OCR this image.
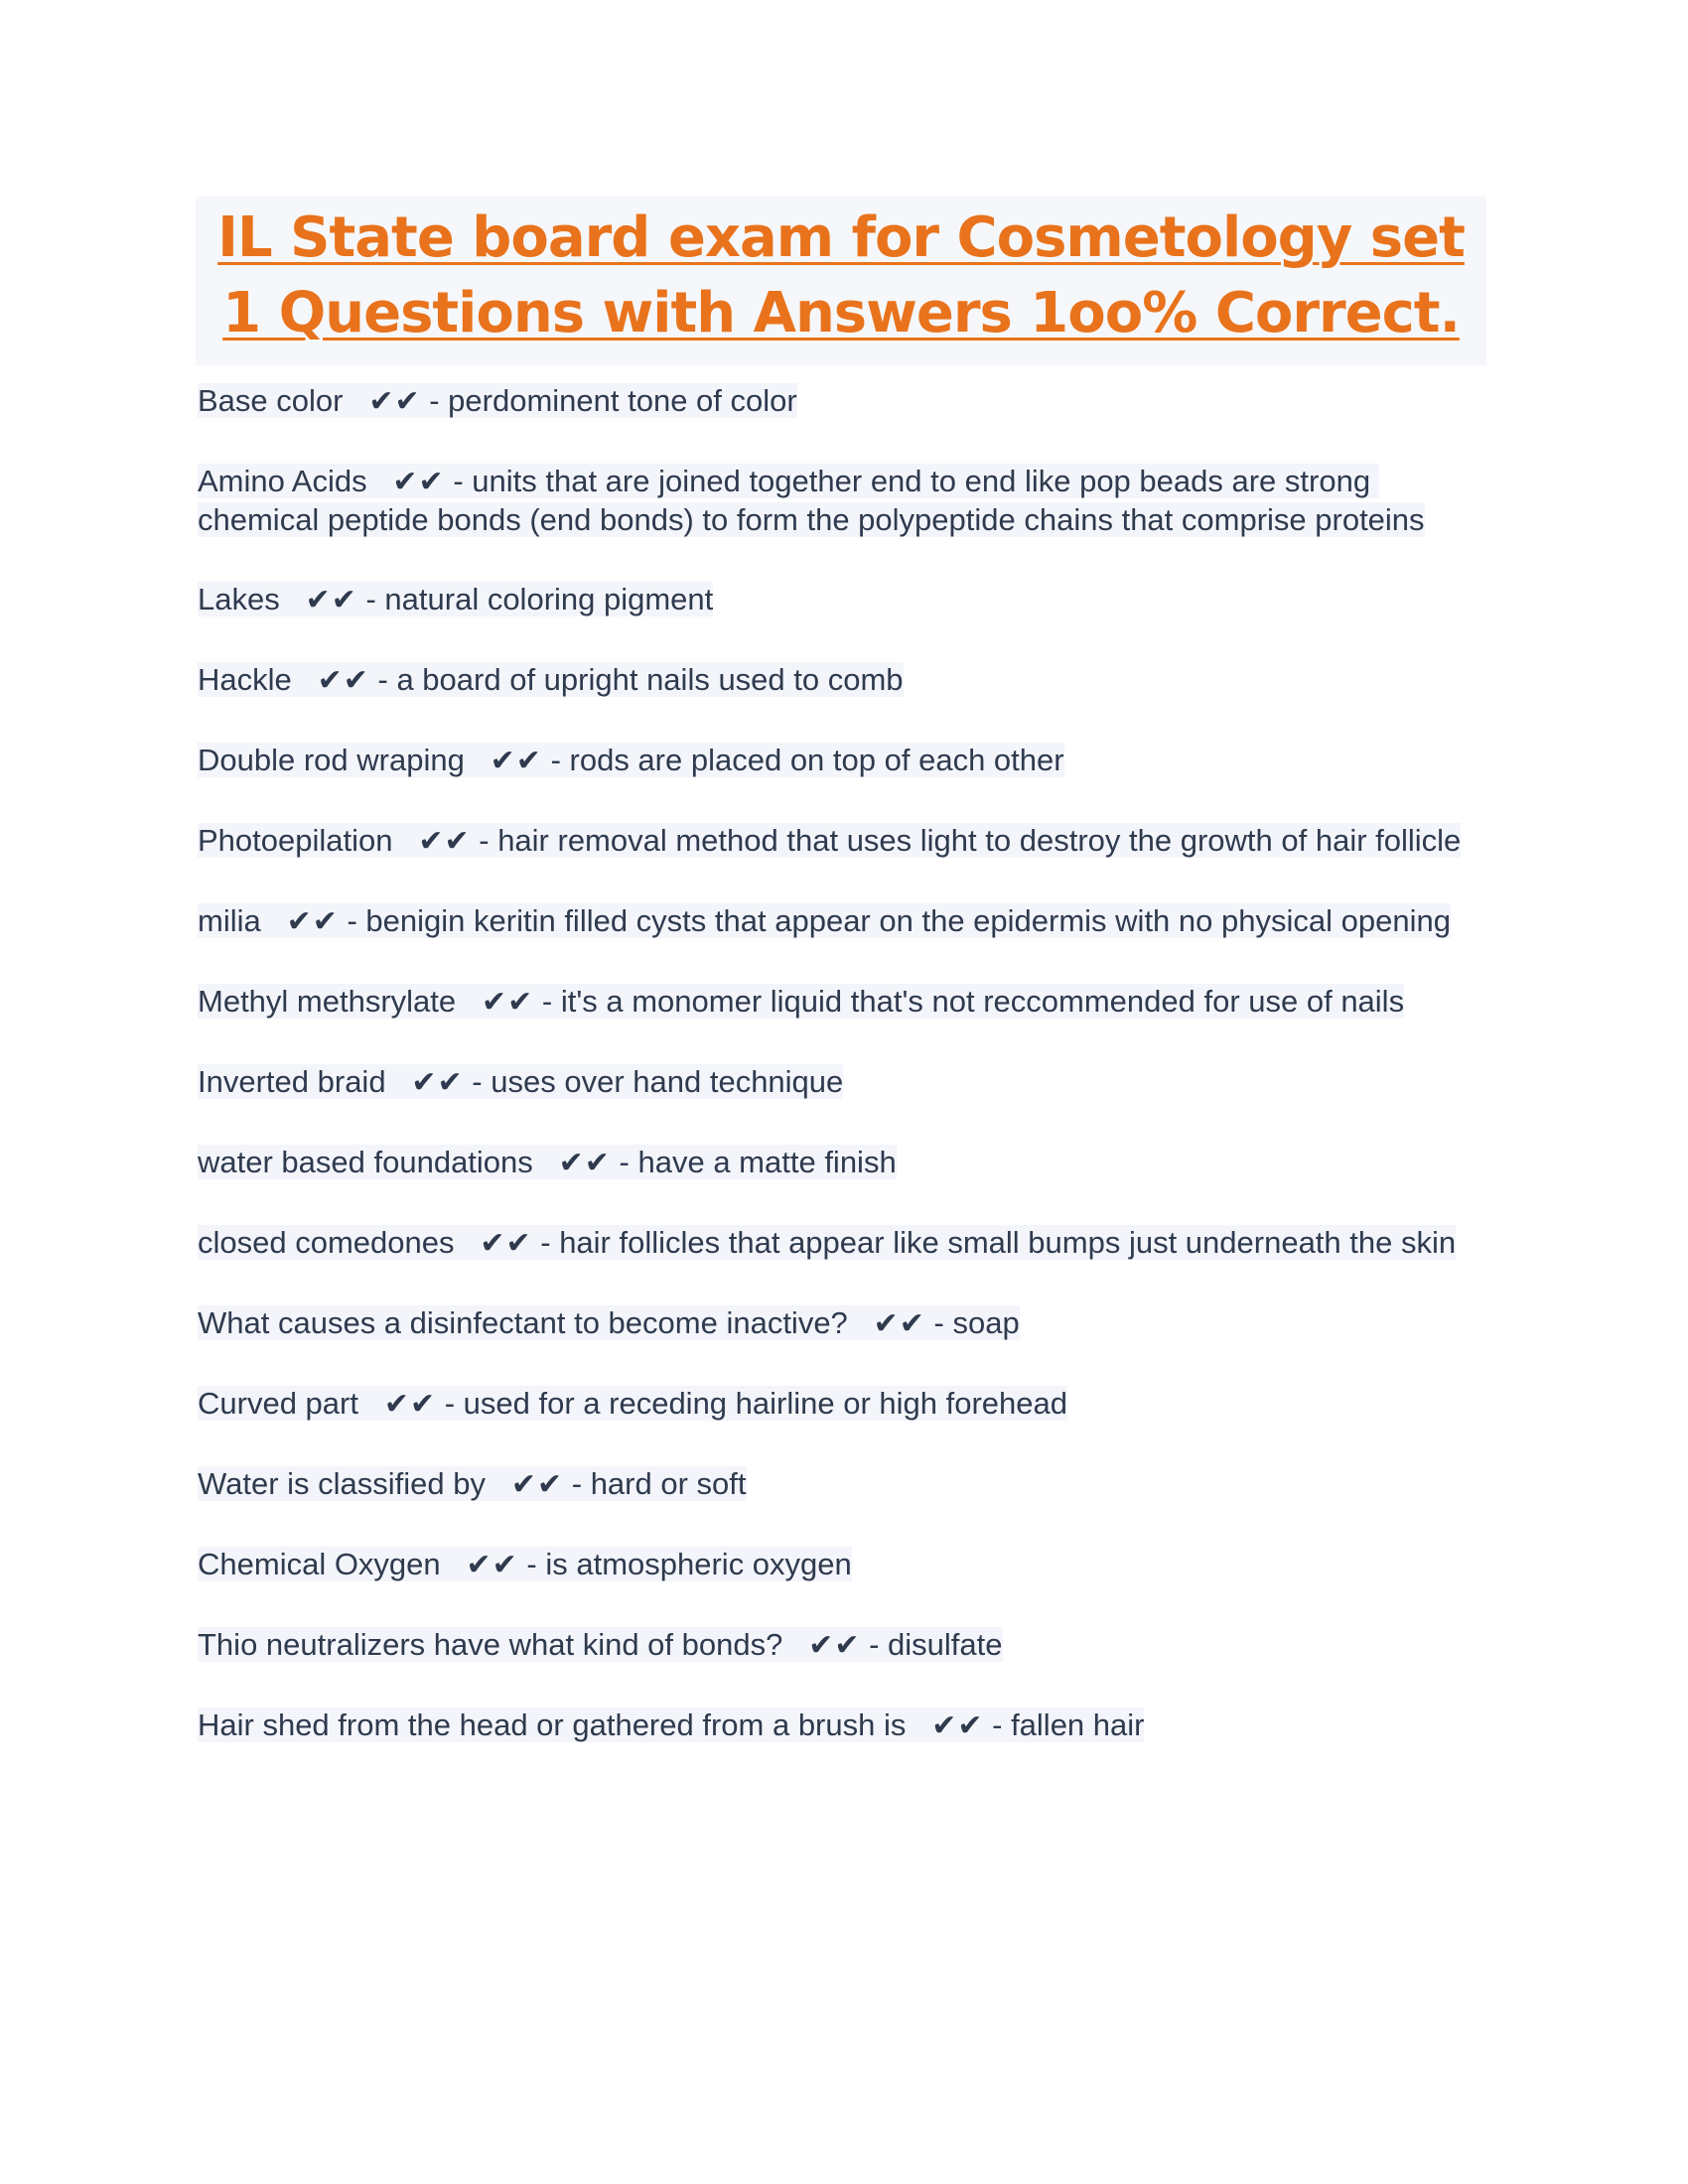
IL State board exam for Cosmetology set
1 Questions with Answers 1oo% Correct.
Base color ✔✔ - perdominent tone of color
Amino Acids ✔✔ - units that are joined together end to end like pop beads are strong chemical peptide bonds (end bonds) to form the polypeptide chains that comprise proteins
Lakes ✔✔ - natural coloring pigment
Hackle ✔✔ - a board of upright nails used to comb
Double rod wraping ✔✔ - rods are placed on top of each other
Photoepilation ✔✔ - hair removal method that uses light to destroy the growth of hair follicle
milia ✔✔ - benigin keritin filled cysts that appear on the epidermis with no physical opening
Methyl methsrylate ✔✔ - it's a monomer liquid that's not reccommended for use of nails
Inverted braid ✔✔ - uses over hand technique
water based foundations ✔✔ - have a matte finish
closed comedones ✔✔ - hair follicles that appear like small bumps just underneath the skin
What causes a disinfectant to become inactive? ✔✔ - soap
Curved part ✔✔ - used for a receding hairline or high forehead
Water is classified by ✔✔ - hard or soft
Chemical Oxygen ✔✔ - is atmospheric oxygen
Thio neutralizers have what kind of bonds? ✔✔ - disulfate
Hair shed from the head or gathered from a brush is ✔✔ - fallen hair
